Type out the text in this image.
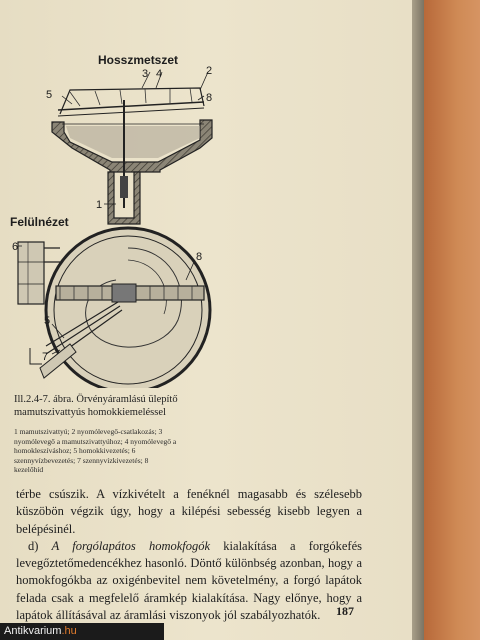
Hosszmetszet
1
2
3 4
5	8
Felülnézet
6
8
5
7
Ill.2.4-7. ábra. Örvényáramlású ülepítő mamutszivattyús homokkiemeléssel
1 mamutszivattyú; 2 nyomólevegő-csatlakozás; 3 nyomólevegő a mamutszivattyúhoz; 4 nyomólevegő a homokleszíváshoz; 5 homokkivezetés; 6 szennyvízbevezetés; 7 szennyvízkivezetés; 8 kezelőhíd

térbe csúszik. A vízkivételt a fenéknél magasabb és szélesebb küszöbön végzik úgy, hogy a kilépési sebesség kisebb legyen a belépésinél.

d) A forgólapátos homokfogók kialakítása a forgókefés levegőztetőmedencékhez hasonló. Döntő különbség azonban, hogy a homokfogókba az oxigénbevitel nem követelmény, a forgó lapátok felada csak a megfelelő áramkép kialakítása. Nagy előnye, hogy a lapátok állításával az áramlási viszonyok jól szabályozhatók.	187
Antikvarium.hu
